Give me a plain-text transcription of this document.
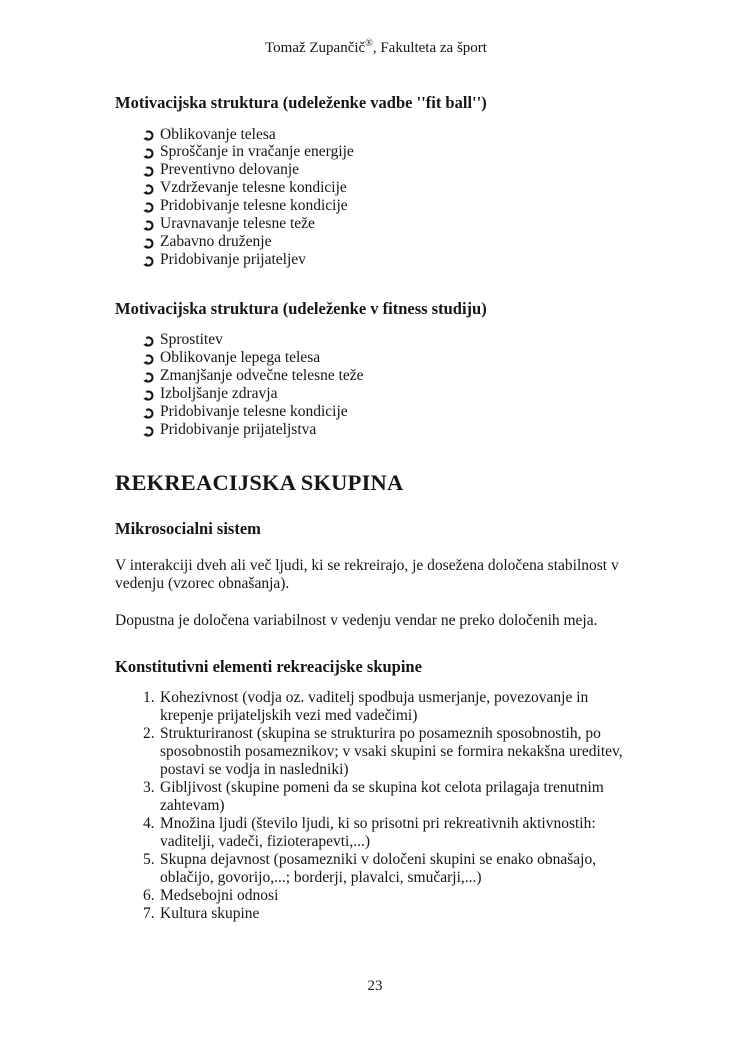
Tomaž Zupančič®, Fakulteta za šport
Motivacijska struktura (udeleženke vadbe ''fit ball'')
Oblikovanje telesa
Sproščanje in vračanje energije
Preventivno delovanje
Vzdrževanje telesne kondicije
Pridobivanje telesne kondicije
Uravnavanje telesne teže
Zabavno druženje
Pridobivanje prijateljev
Motivacijska struktura (udeleženke v fitness studiju)
Sprostitev
Oblikovanje lepega telesa
Zmanjšanje odvečne telesne teže
Izboljšanje zdravja
Pridobivanje telesne kondicije
Pridobivanje prijateljstva
REKREACIJSKA SKUPINA
Mikrosocialni sistem

V interakciji dveh ali več ljudi, ki se rekreirajo, je dosežena določena stabilnost v vedenju (vzorec obnašanja).

Dopustna je določena variabilnost v vedenju vendar ne preko določenih meja.

Konstitutivni elementi rekreacijske skupine
1. Kohezivnost (vodja oz. vaditelj spodbuja usmerjanje, povezovanje in krepenje prijateljskih vezi med vadečimi)
2. Strukturiranost (skupina se strukturira po posameznih sposobnostih, po sposobnostih posameznikov; v vsaki skupini se formira nekakšna ureditev, postavi se vodja in nasledniki)
3. Gibljivost (skupine pomeni da se skupina kot celota prilagaja trenutnim zahtevam)
4. Množina ljudi (število ljudi, ki so prisotni pri rekreativnih aktivnostih: vaditelji, vadeči, fizioterapevti,...)
5. Skupna dejavnost (posamezniki v določeni skupini se enako obnašajo, oblačijo, govorijo,...; borderji, plavalci, smučarji,...)
6. Medsebojni odnosi
7. Kultura skupine
23
